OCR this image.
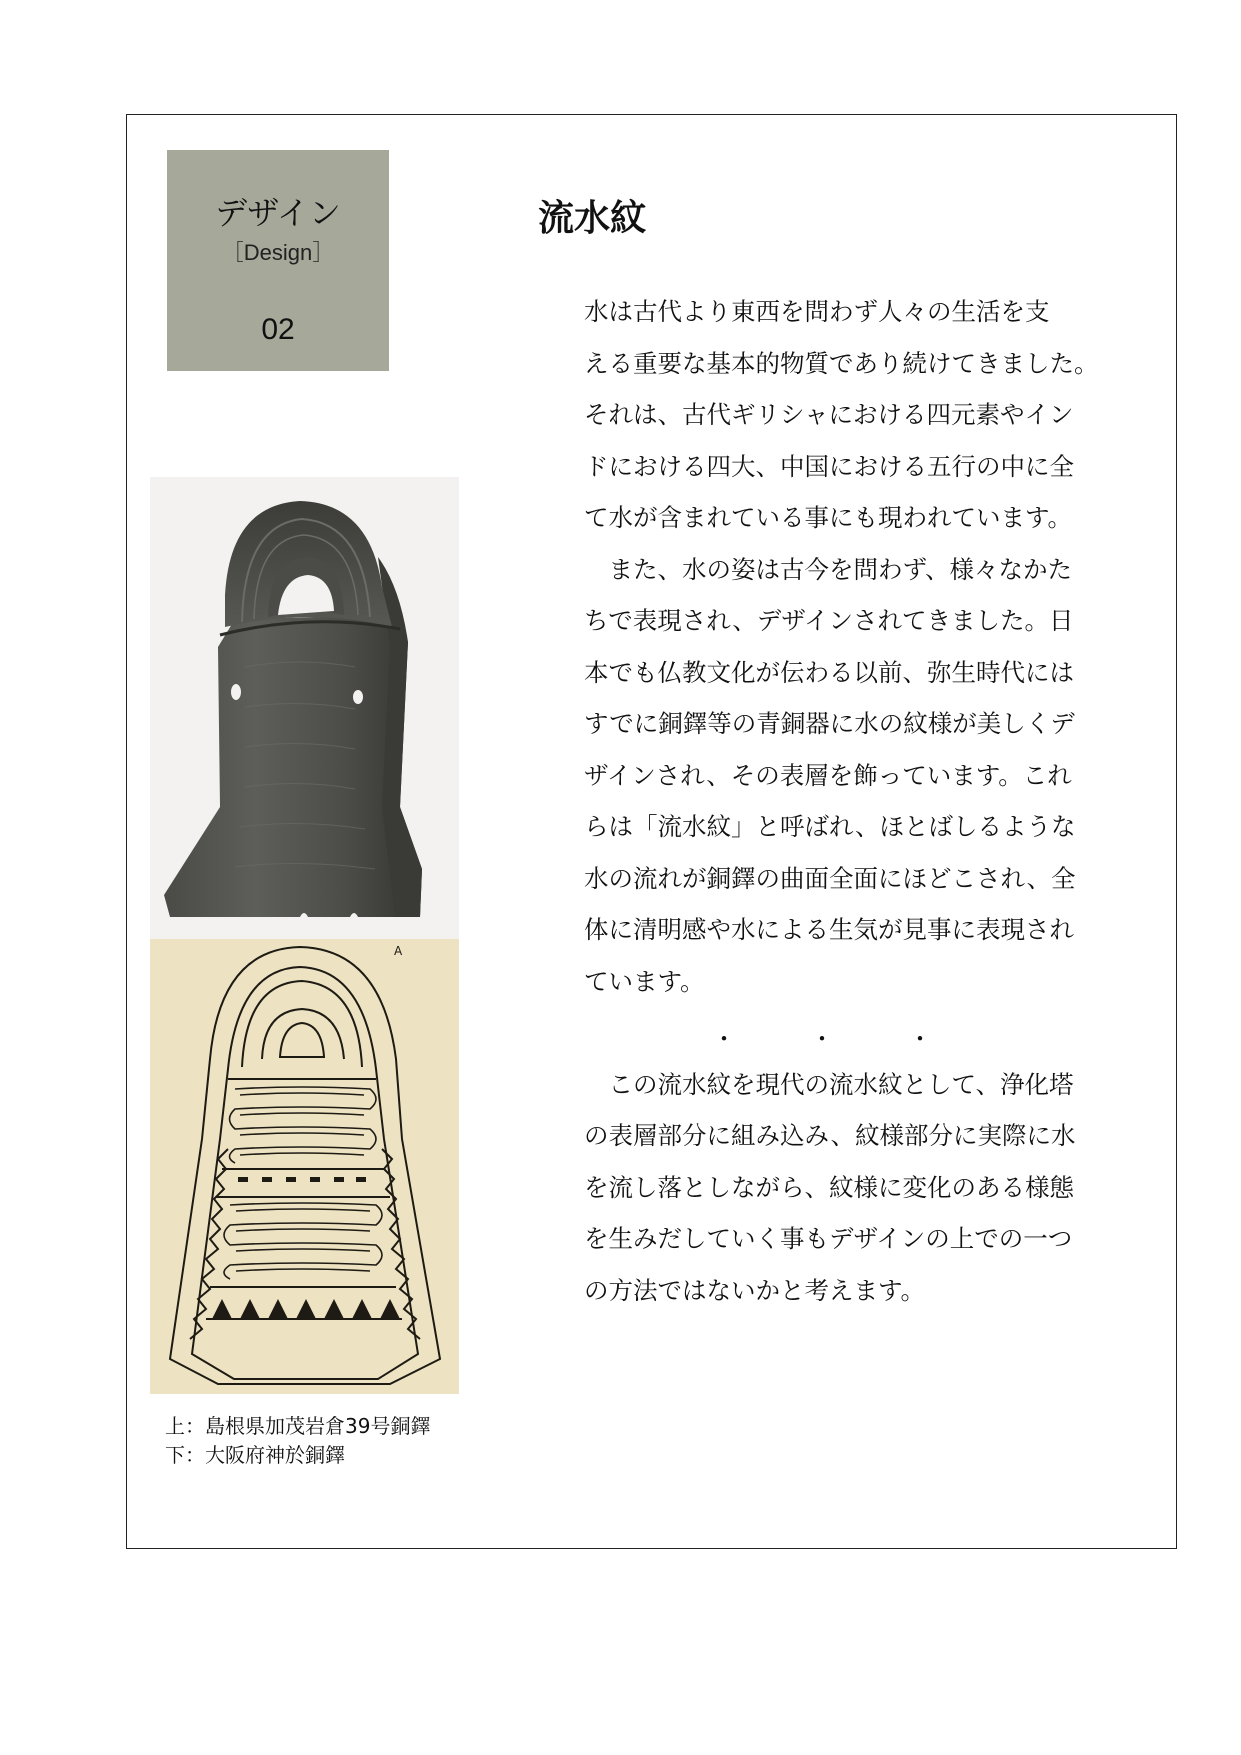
デザイン
［Design］
02
流水紋
水は古代より東西を問わず人々の生活を支
える重要な基本的物質であり続けてきました。
それは、古代ギリシャにおける四元素やイン
ドにおける四大、中国における五行の中に全
て水が含まれている事にも現われています。
　また、水の姿は古今を問わず、様々なかた
ちで表現され、デザインされてきました。日
本でも仏教文化が伝わる以前、弥生時代には
すでに銅鐸等の青銅器に水の紋様が美しくデ
ザインされ、その表層を飾っています。これ
らは「流水紋」と呼ばれ、ほとばしるような
水の流れが銅鐸の曲面全面にほどこされ、全
体に清明感や水による生気が見事に表現され
ています。
・	・	・
　この流水紋を現代の流水紋として、浄化塔
の表層部分に組み込み、紋様部分に実際に水
を流し落としながら、紋様に変化のある様態
を生みだしていく事もデザインの上での一つ
の方法ではないかと考えます。
A
上：島根県加茂岩倉39号銅鐸
下：大阪府神於銅鐸
